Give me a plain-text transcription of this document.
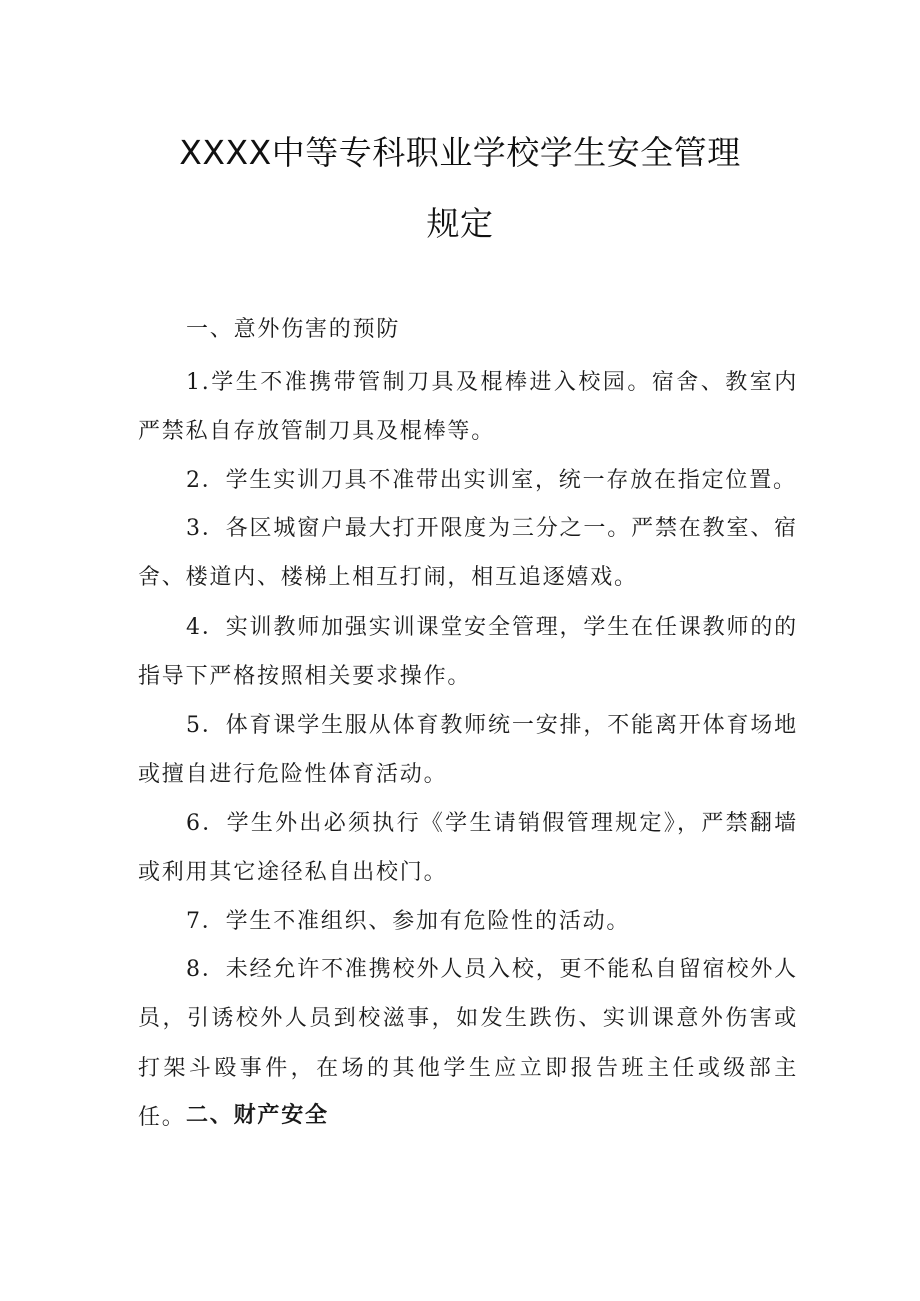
XXXX中等专科职业学校学生安全管理
规定
一、意外伤害的预防
1.学生不准携带管制刀具及棍棒进入校园。宿舍、教室内严禁私自存放管制刀具及棍棒等。
2．学生实训刀具不准带出实训室，统一存放在指定位置。
3．各区城窗户最大打开限度为三分之一。严禁在教室、宿舍、楼道内、楼梯上相互打闹，相互追逐嬉戏。
4．实训教师加强实训课堂安全管理，学生在任课教师的的指导下严格按照相关要求操作。
5．体育课学生服从体育教师统一安排，不能离开体育场地或擅自进行危险性体育活动。
6．学生外出必须执行《学生请销假管理规定》，严禁翻墙或利用其它途径私自出校门。
7．学生不准组织、参加有危险性的活动。
8．未经允许不准携校外人员入校，更不能私自留宿校外人员，引诱校外人员到校滋事，如发生跌伤、实训课意外伤害或打架斗殴事件，在场的其他学生应立即报告班主任或级部主任。 二、财产安全
